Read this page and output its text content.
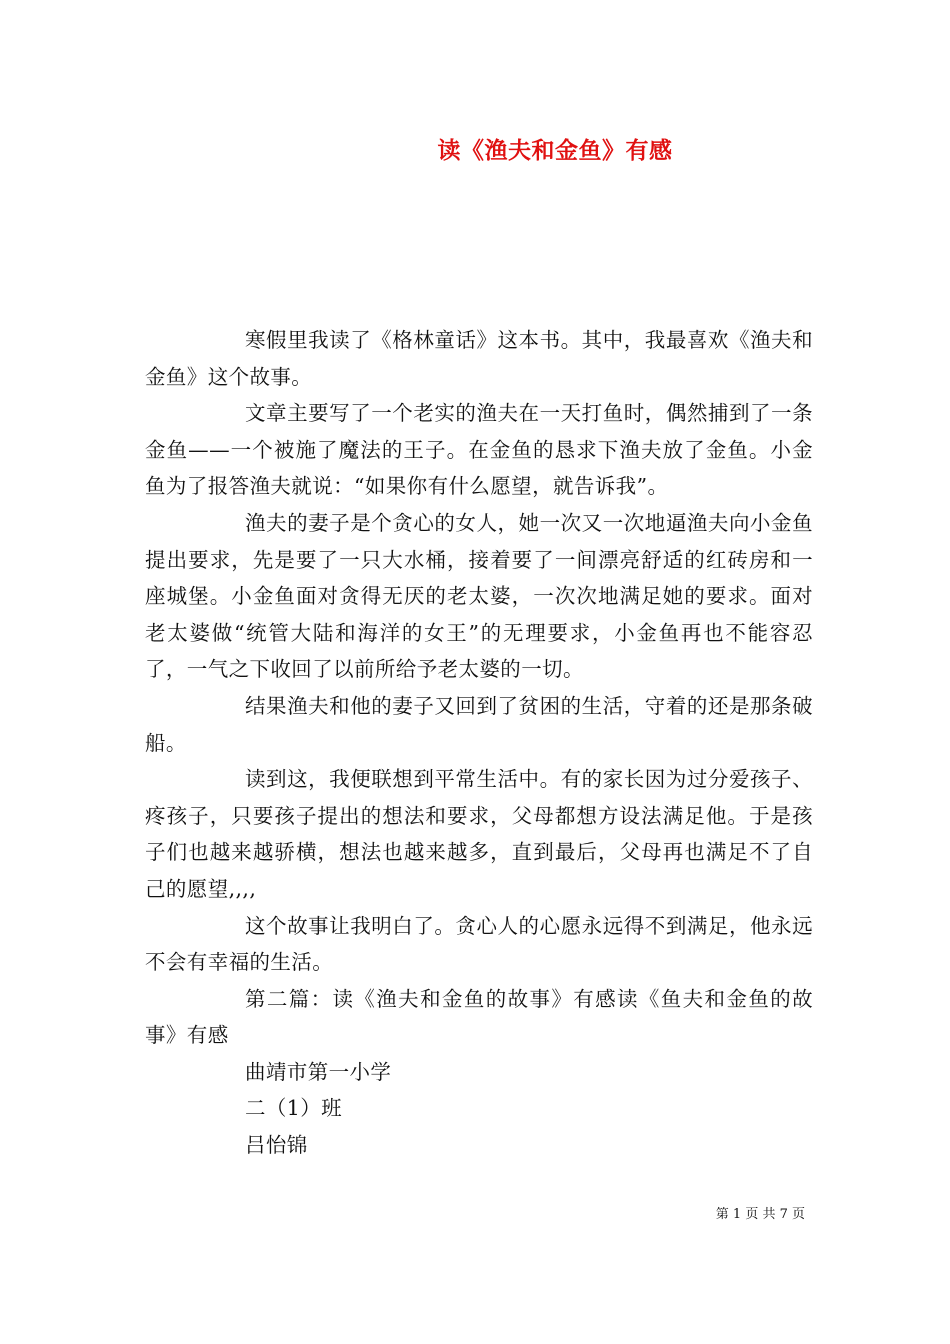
读《渔夫和金鱼》有感

寒假里我读了《格林童话》这本书。其中，我最喜欢《渔夫和金鱼》这个故事。

文章主要写了一个老实的渔夫在一天打鱼时，偶然捕到了一条金鱼——一个被施了魔法的王子。在金鱼的恳求下渔夫放了金鱼。小金鱼为了报答渔夫就说：“如果你有什么愿望，就告诉我”。

渔夫的妻子是个贪心的女人，她一次又一次地逼渔夫向小金鱼提出要求，先是要了一只大水桶，接着要了一间漂亮舒适的红砖房和一座城堡。小金鱼面对贪得无厌的老太婆，一次次地满足她的要求。面对老太婆做“统管大陆和海洋的女王”的无理要求，小金鱼再也不能容忍了，一气之下收回了以前所给予老太婆的一切。

结果渔夫和他的妻子又回到了贫困的生活，守着的还是那条破船。

读到这，我便联想到平常生活中。有的家长因为过分爱孩子、疼孩子，只要孩子提出的想法和要求，父母都想方设法满足他。于是孩子们也越来越骄横，想法也越来越多，直到最后，父母再也满足不了自己的愿望,,,,

这个故事让我明白了。贪心人的心愿永远得不到满足，他永远不会有幸福的生活。

第二篇：读《渔夫和金鱼的故事》有感读《鱼夫和金鱼的故事》有感

曲靖市第一小学

二（1）班

吕怡锦

第 1 页 共 7 页
